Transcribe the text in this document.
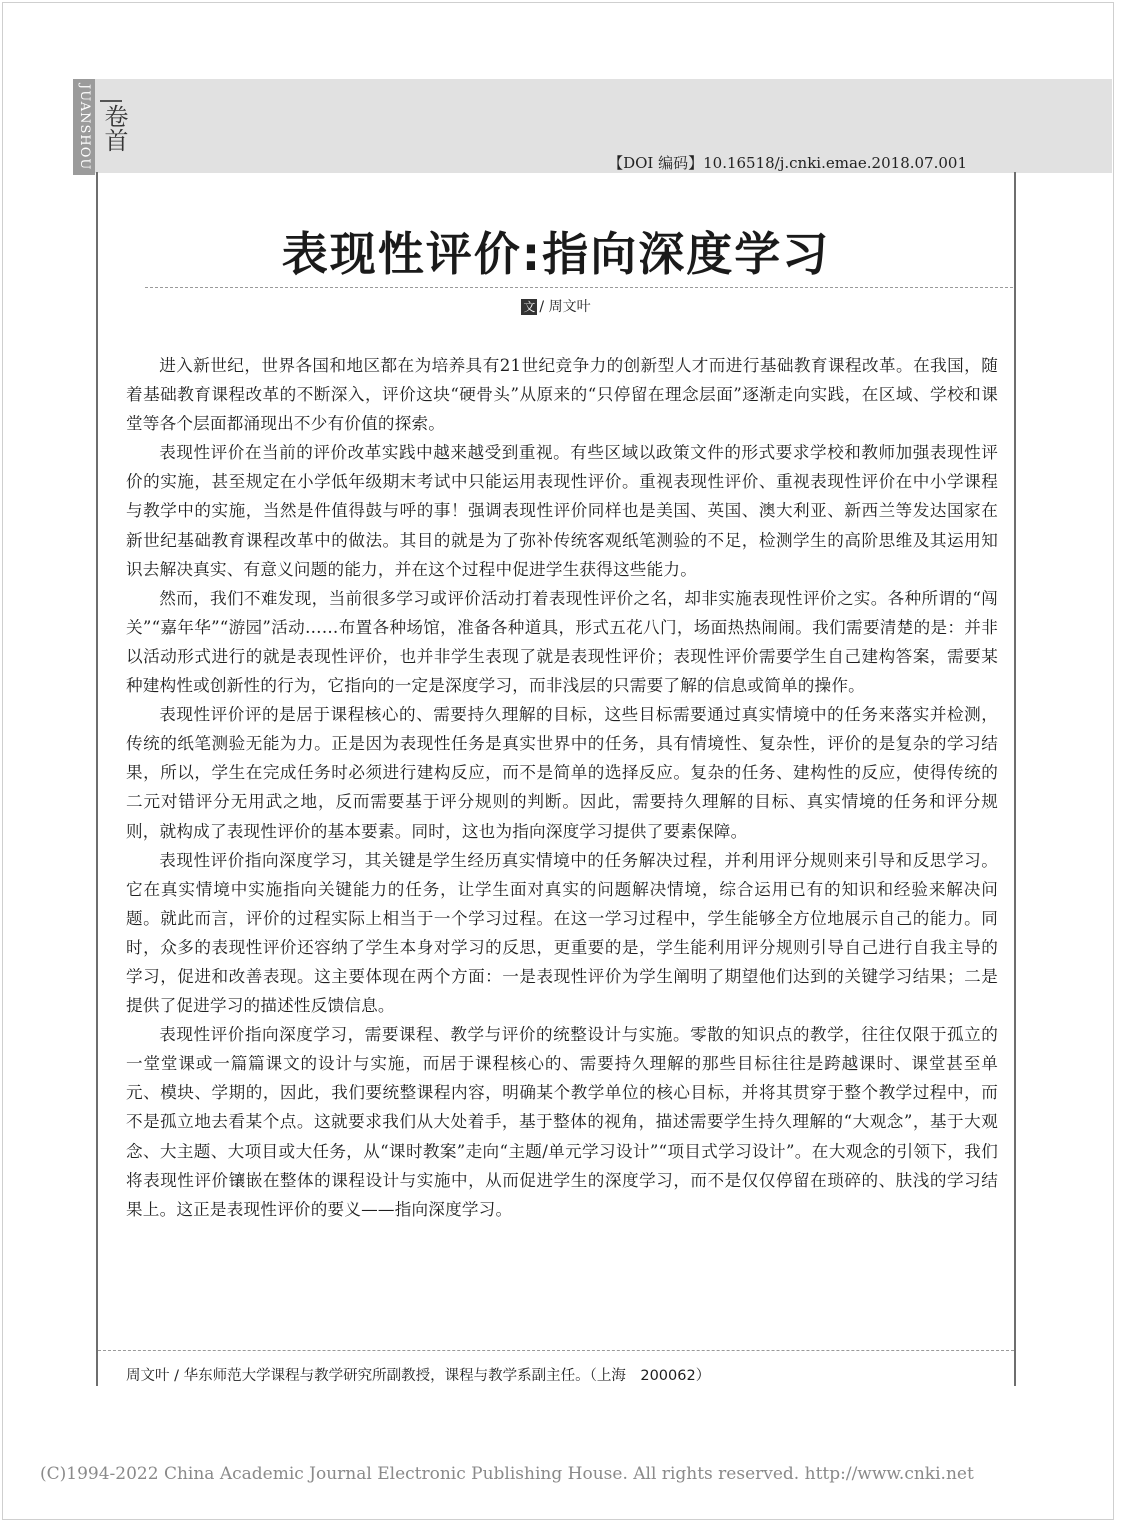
JUANSHOU 卷首
【DOI 编码】10.16518/j.cnki.emae.2018.07.001
表现性评价:指向深度学习
文 / 周文叶

进入新世纪，世界各国和地区都在为培养具有21世纪竞争力的创新型人才而进行基础教育课程改革。在我国，随着基础教育课程改革的不断深入，评价这块“硬骨头”从原来的“只停留在理念层面”逐渐走向实践，在区域、学校和课堂等各个层面都涌现出不少有价值的探索。

表现性评价在当前的评价改革实践中越来越受到重视。有些区域以政策文件的形式要求学校和教师加强表现性评价的实施，甚至规定在小学低年级期末考试中只能运用表现性评价。重视表现性评价、重视表现性评价在中小学课程与教学中的实施，当然是件值得鼓与呼的事！强调表现性评价同样也是美国、英国、澳大利亚、新西兰等发达国家在新世纪基础教育课程改革中的做法。其目的就是为了弥补传统客观纸笔测验的不足，检测学生的高阶思维及其运用知识去解决真实、有意义问题的能力，并在这个过程中促进学生获得这些能力。

然而，我们不难发现，当前很多学习或评价活动打着表现性评价之名，却非实施表现性评价之实。各种所谓的“闯关”“嘉年华”“游园”活动……布置各种场馆，准备各种道具，形式五花八门，场面热热闹闹。我们需要清楚的是：并非以活动形式进行的就是表现性评价，也并非学生表现了就是表现性评价；表现性评价需要学生自己建构答案，需要某种建构性或创新性的行为，它指向的一定是深度学习，而非浅层的只需要了解的信息或简单的操作。

表现性评价评的是居于课程核心的、需要持久理解的目标，这些目标需要通过真实情境中的任务来落实并检测，传统的纸笔测验无能为力。正是因为表现性任务是真实世界中的任务，具有情境性、复杂性，评价的是复杂的学习结果，所以，学生在完成任务时必须进行建构反应，而不是简单的选择反应。复杂的任务、建构性的反应，使得传统的二元对错评分无用武之地，反而需要基于评分规则的判断。因此，需要持久理解的目标、真实情境的任务和评分规则，就构成了表现性评价的基本要素。同时，这也为指向深度学习提供了要素保障。

表现性评价指向深度学习，其关键是学生经历真实情境中的任务解决过程，并利用评分规则来引导和反思学习。它在真实情境中实施指向关键能力的任务，让学生面对真实的问题解决情境，综合运用已有的知识和经验来解决问题。就此而言，评价的过程实际上相当于一个学习过程。在这一学习过程中，学生能够全方位地展示自己的能力。同时，众多的表现性评价还容纳了学生本身对学习的反思，更重要的是，学生能利用评分规则引导自己进行自我主导的学习，促进和改善表现。这主要体现在两个方面：一是表现性评价为学生阐明了期望他们达到的关键学习结果；二是提供了促进学习的描述性反馈信息。

表现性评价指向深度学习，需要课程、教学与评价的统整设计与实施。零散的知识点的教学，往往仅限于孤立的一堂堂课或一篇篇课文的设计与实施，而居于课程核心的、需要持久理解的那些目标往往是跨越课时、课堂甚至单元、模块、学期的，因此，我们要统整课程内容，明确某个教学单位的核心目标，并将其贯穿于整个教学过程中，而不是孤立地去看某个点。这就要求我们从大处着手，基于整体的视角，描述需要学生持久理解的“大观念”，基于大观念、大主题、大项目或大任务，从“课时教案”走向“主题/单元学习设计”“项目式学习设计”。在大观念的引领下，我们将表现性评价镶嵌在整体的课程设计与实施中，从而促进学生的深度学习，而不是仅仅停留在琐碎的、肤浅的学习结果上。这正是表现性评价的要义——指向深度学习。

周文叶 / 华东师范大学课程与教学研究所副教授，课程与教学系副主任。（上海　200062）
(C)1994-2022 China Academic Journal Electronic Publishing House. All rights reserved. http://www.cnki.net
